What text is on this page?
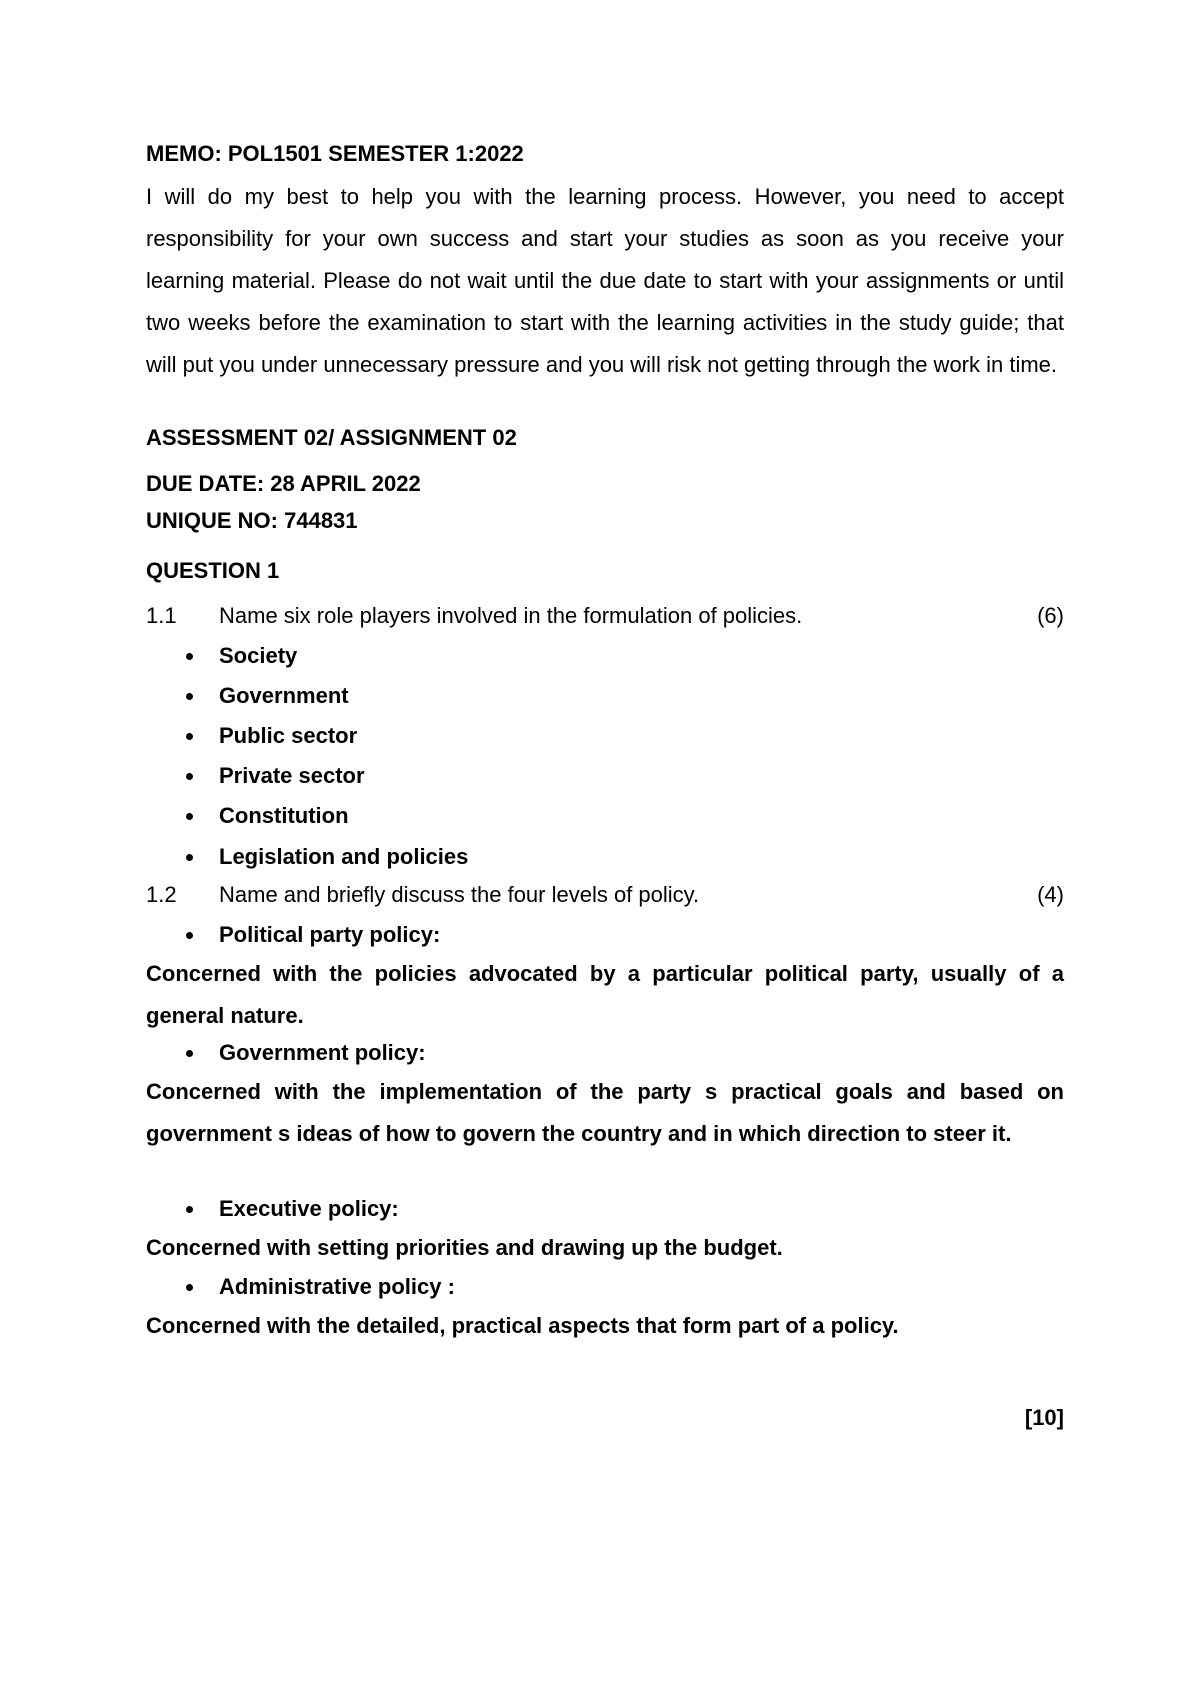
MEMO: POL1501 SEMESTER 1:2022
I will do my best to help you with the learning process. However, you need to accept responsibility for your own success and start your studies as soon as you receive your learning material. Please do not wait until the due date to start with your assignments or until two weeks before the examination to start with the learning activities in the study guide; that will put you under unnecessary pressure and you will risk not getting through the work in time.
ASSESSMENT 02/ ASSIGNMENT 02
DUE DATE: 28 APRIL 2022
UNIQUE NO: 744831
QUESTION 1
1.1 Name six role players involved in the formulation of policies.	(6)
Society
Government
Public sector
Private sector
Constitution
Legislation and policies
1.2 Name and briefly discuss the four levels of policy.	(4)
Political party policy:
Concerned with the policies advocated by a particular political party, usually of a general nature.
Government policy:
Concerned with the implementation of the party s practical goals and based on government s ideas of how to govern the country and in which direction to steer it.
Executive policy:
Concerned with setting priorities and drawing up the budget.
Administrative policy :
Concerned with the detailed, practical aspects that form part of a policy.
[10]
